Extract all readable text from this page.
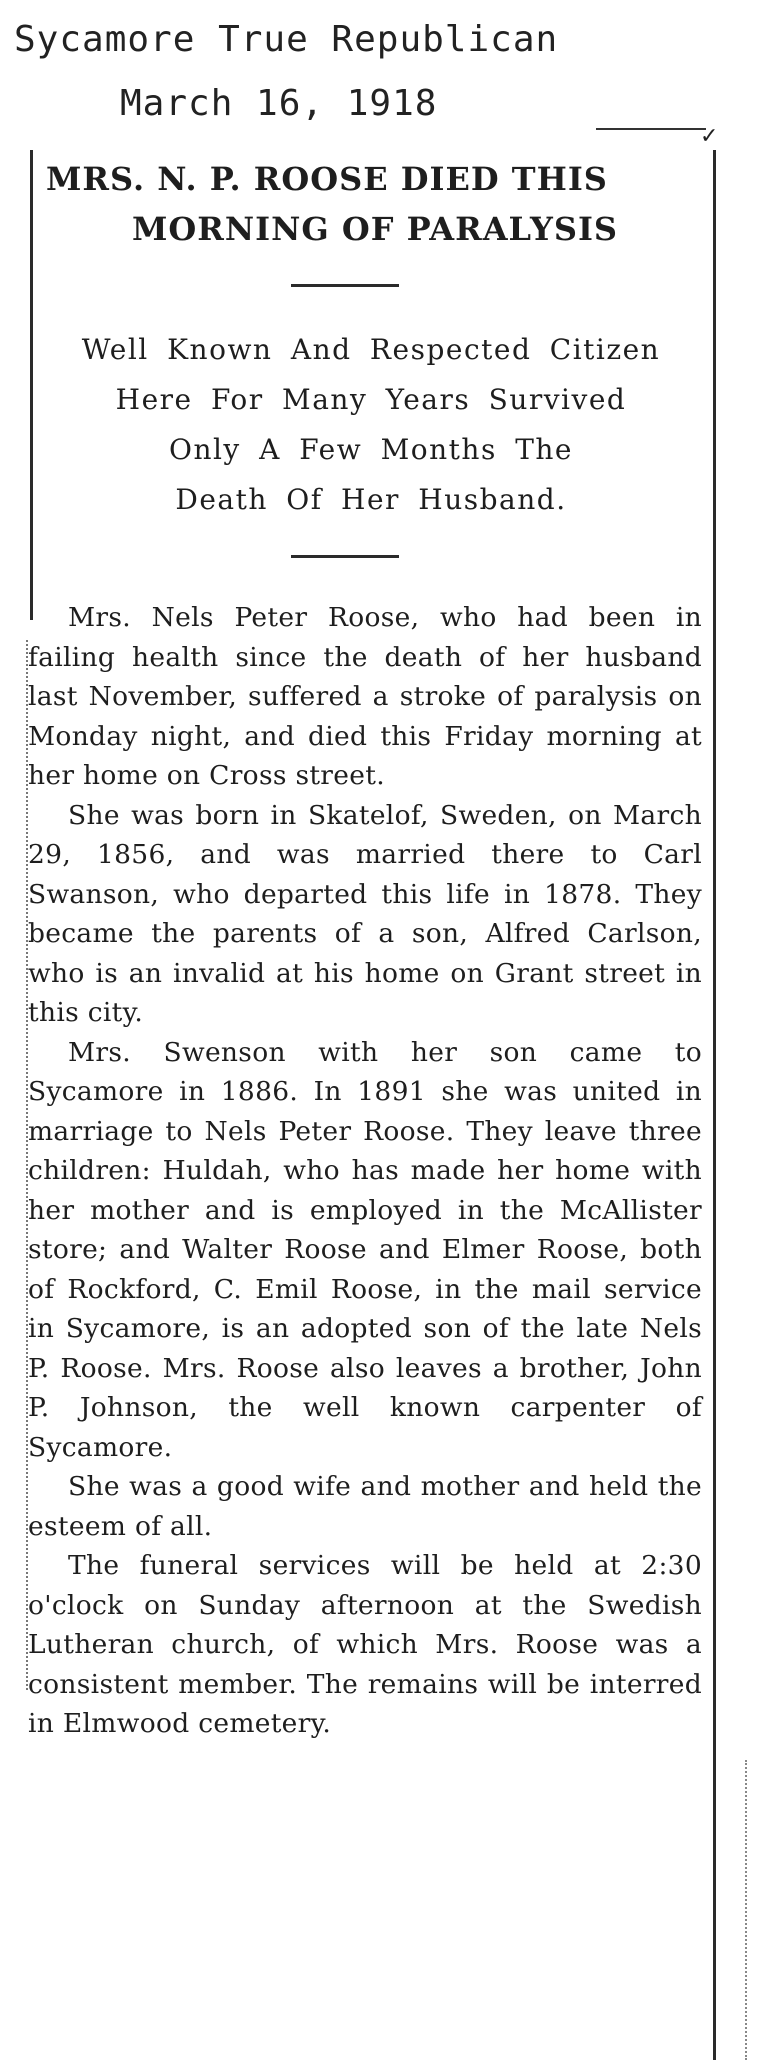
Sycamore True Republican
March 16, 1918
✓
MRS. N. P. ROOSE DIED THIS
MORNING OF PARALYSIS
Well Known And Respected Citizen
Here For Many Years Survived
Only A Few Months The
Death Of Her Husband.

Mrs. Nels Peter Roose, who had been in failing health since the death of her husband last November, suffered a stroke of paralysis on Monday night, and died this Friday morning at her home on Cross street.

She was born in Skatelof, Sweden, on March 29, 1856, and was married there to Carl Swanson, who departed this life in 1878. They became the parents of a son, Alfred Carlson, who is an invalid at his home on Grant street in this city.

Mrs. Swenson with her son came to Sycamore in 1886. In 1891 she was united in marriage to Nels Peter Roose. They leave three children: Huldah, who has made her home with her mother and is employed in the McAllister store; and Walter Roose and Elmer Roose, both of Rockford, C. Emil Roose, in the mail service in Sycamore, is an adopted son of the late Nels P. Roose. Mrs. Roose also leaves a brother, John P. Johnson, the well known carpenter of Sycamore.

She was a good wife and mother and held the esteem of all.

The funeral services will be held at 2:30 o'clock on Sunday afternoon at the Swedish Lutheran church, of which Mrs. Roose was a consistent member. The remains will be interred in Elmwood cemetery.
